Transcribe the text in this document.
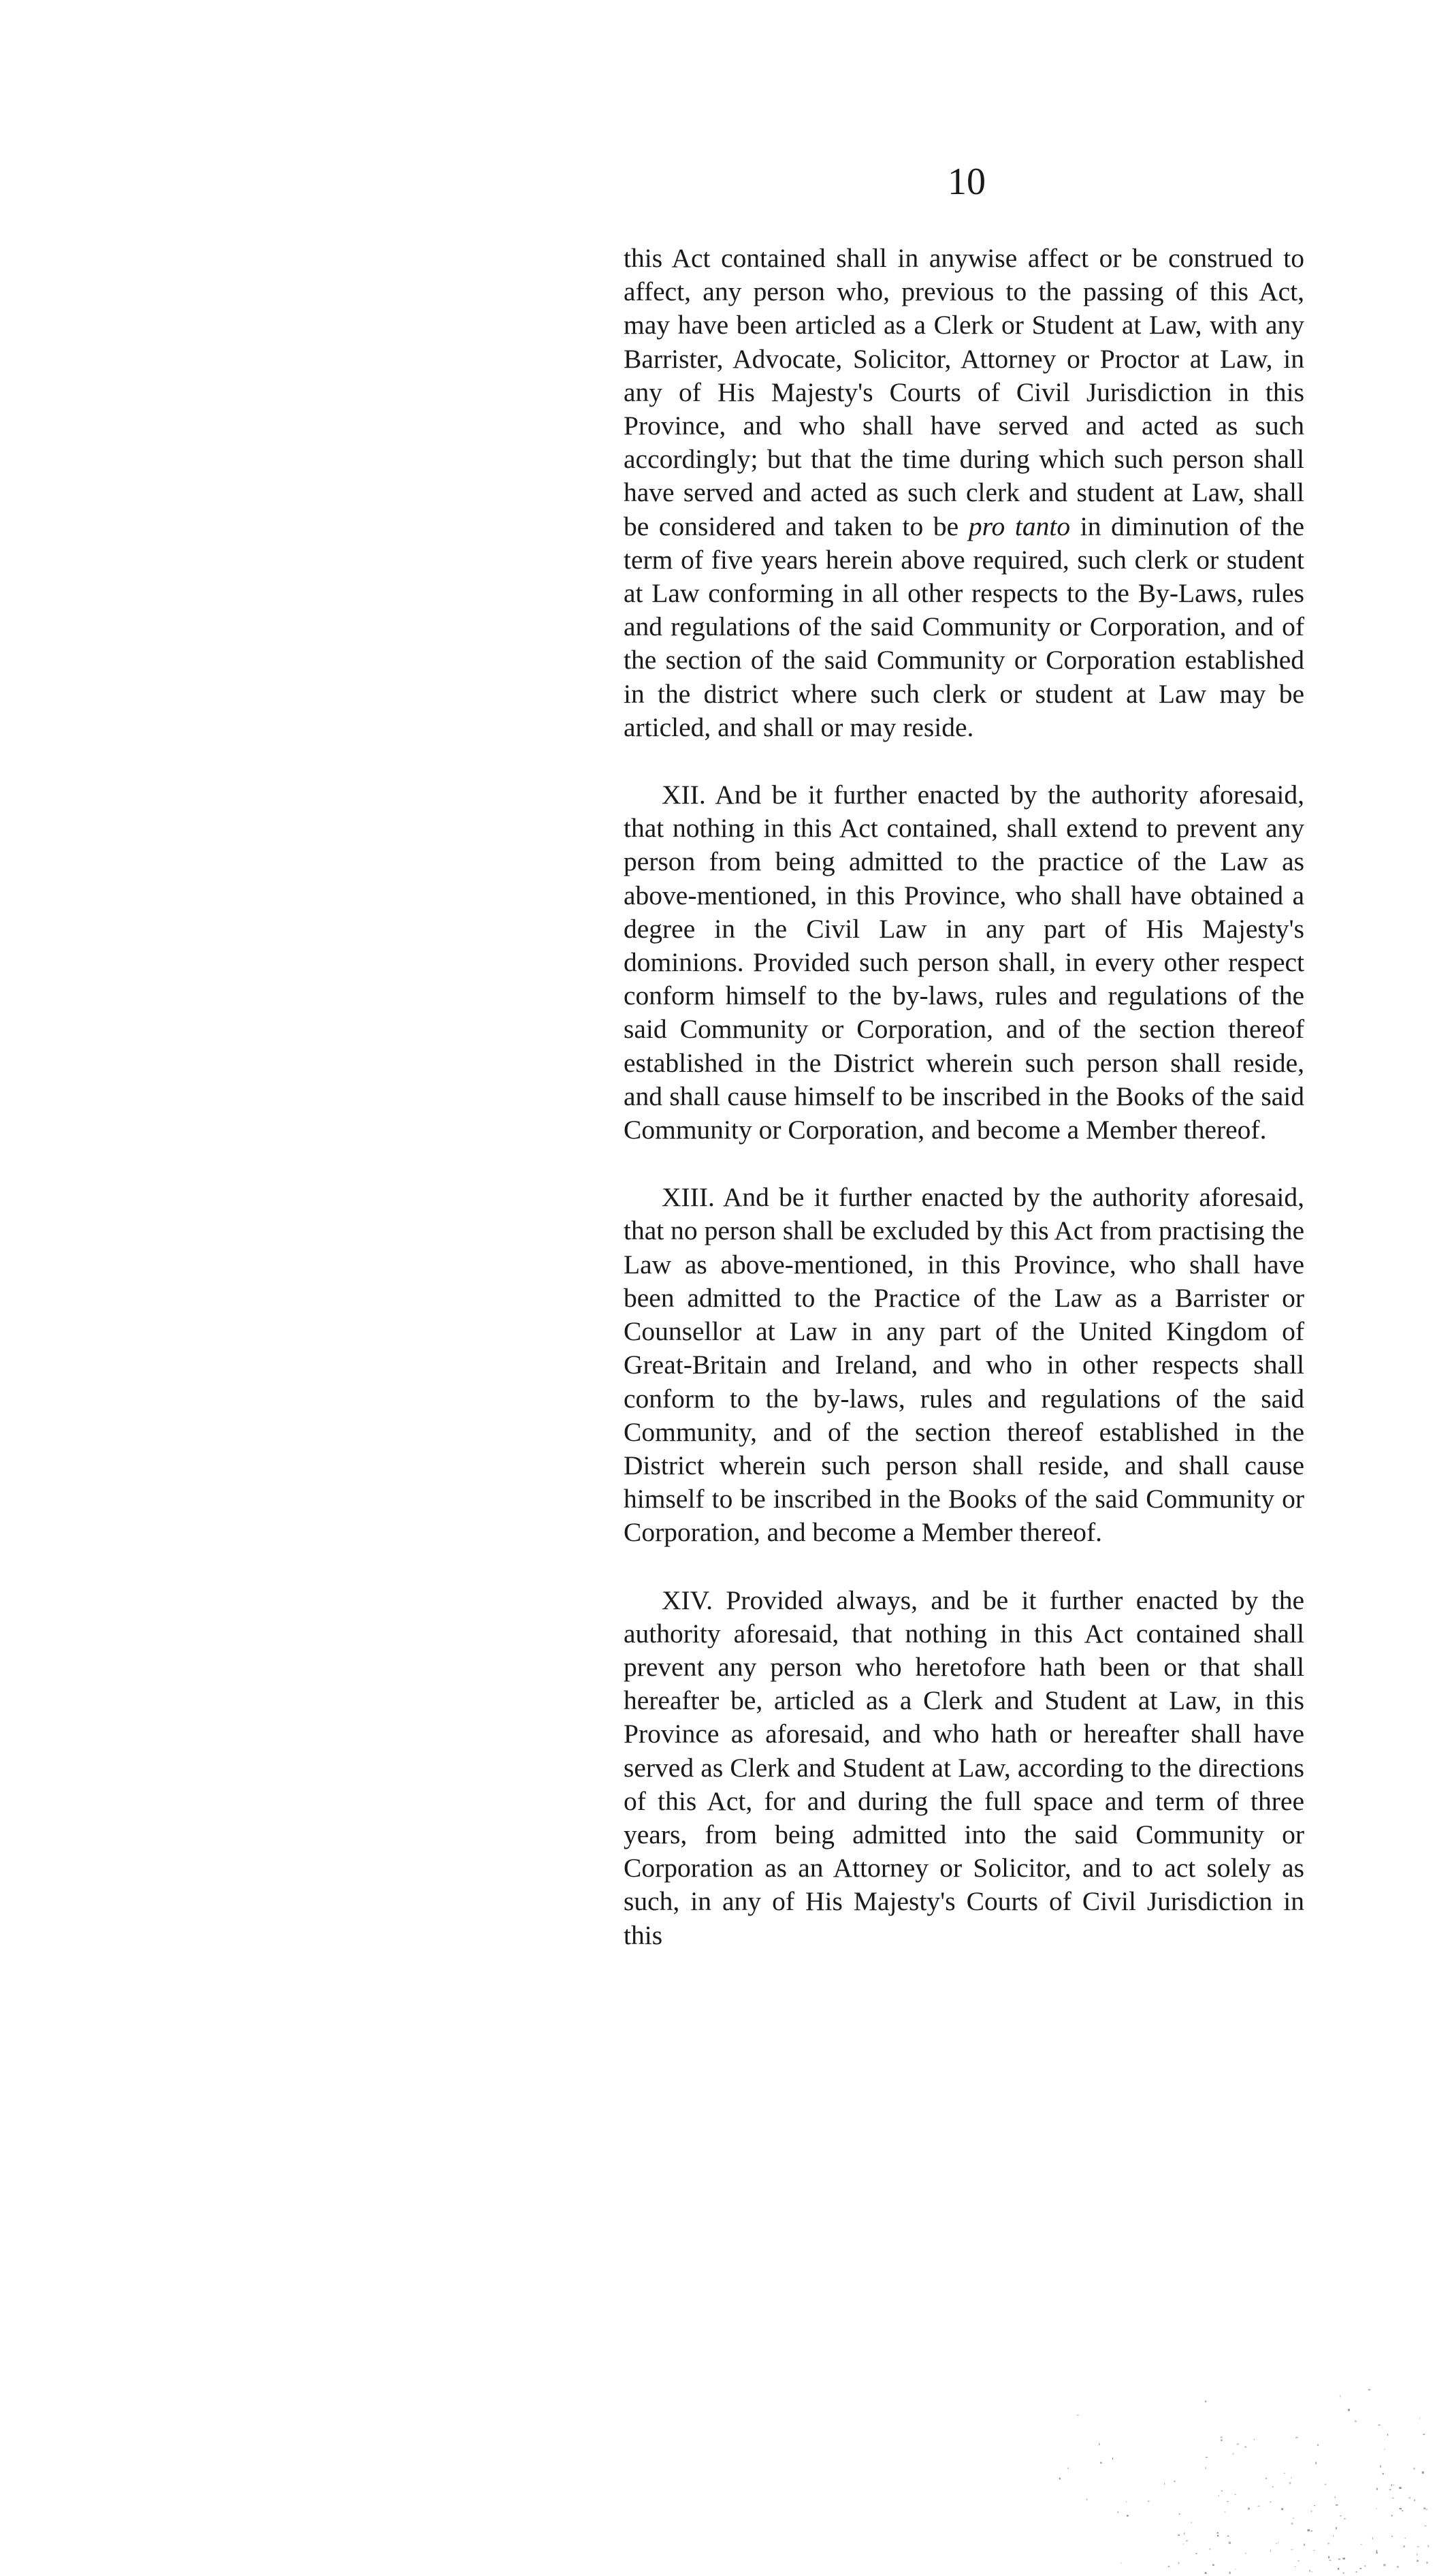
10

this Act contained shall in anywise affect or be construed to affect, any person who, previous to the passing of this Act, may have been articled as a Clerk or Student at Law, with any Barrister, Advocate, Solicitor, Attorney or Proctor at Law, in any of His Majesty's Courts of Civil Jurisdiction in this Province, and who shall have served and acted as such accordingly; but that the time during which such person shall have served and acted as such clerk and student at Law, shall be considered and taken to be pro tanto in diminution of the term of five years herein above required, such clerk or student at Law conforming in all other respects to the By-Laws, rules and regulations of the said Community or Corporation, and of the section of the said Community or Corporation established in the district where such clerk or student at Law may be articled, and shall or may reside.

XII. And be it further enacted by the authority aforesaid, that nothing in this Act contained, shall extend to prevent any person from being admitted to the practice of the Law as above-mentioned, in this Province, who shall have obtained a degree in the Civil Law in any part of His Majesty's dominions. Provided such person shall, in every other respect conform himself to the by-laws, rules and regulations of the said Community or Corporation, and of the section thereof established in the District wherein such person shall reside, and shall cause himself to be inscribed in the Books of the said Community or Corporation, and become a Member thereof.

XIII. And be it further enacted by the authority aforesaid, that no person shall be excluded by this Act from practising the Law as above-mentioned, in this Province, who shall have been admitted to the Practice of the Law as a Barrister or Counsellor at Law in any part of the United Kingdom of Great-Britain and Ireland, and who in other respects shall conform to the by-laws, rules and regulations of the said Community, and of the section thereof established in the District wherein such person shall reside, and shall cause himself to be inscribed in the Books of the said Community or Corporation, and become a Member thereof.

XIV. Provided always, and be it further enacted by the authority aforesaid, that nothing in this Act contained shall prevent any person who heretofore hath been or that shall hereafter be, articled as a Clerk and Student at Law, in this Province as aforesaid, and who hath or hereafter shall have served as Clerk and Student at Law, according to the directions of this Act, for and during the full space and term of three years, from being admitted into the said Community or Corporation as an Attorney or Solicitor, and to act solely as such, in any of His Majesty's Courts of Civil Jurisdiction in this
